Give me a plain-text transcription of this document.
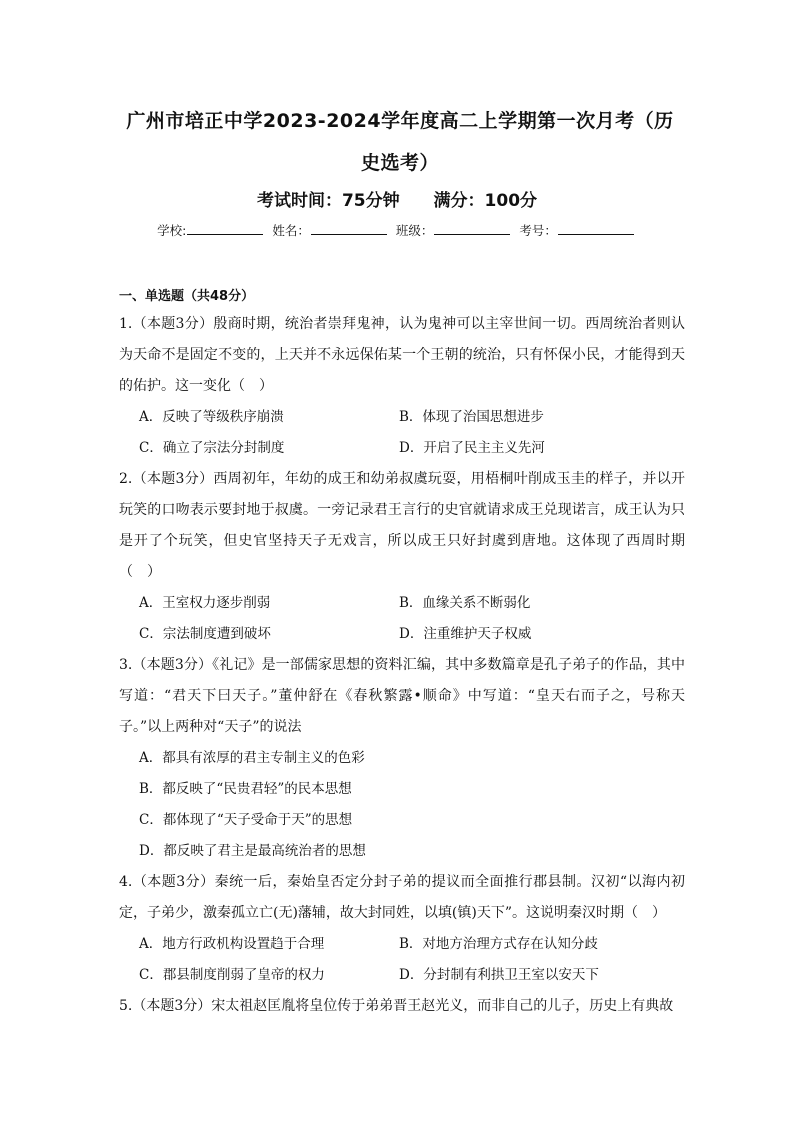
广州市培正中学2023-2024学年度高二上学期第一次月考（历
史选考）
考试时间：75分钟 满分：100分
学校:	姓名：	班级：	考号：
一、单选题（共48分）

1.（本题3分）殷商时期，统治者崇拜鬼神，认为鬼神可以主宰世间一切。西周统治者则认为天命不是固定不变的，上天并不永远保佑某一个王朝的统治，只有怀保小民，才能得到天的佑护。这一变化（　）

A．反映了等级秩序崩溃	B．体现了治国思想进步
C．确立了宗法分封制度	D．开启了民主主义先河

2.（本题3分）西周初年，年幼的成王和幼弟叔虞玩耍，用梧桐叶削成玉圭的样子，并以开玩笑的口吻表示要封地于叔虞。一旁记录君王言行的史官就请求成王兑现诺言，成王认为只是开了个玩笑，但史官坚持天子无戏言，所以成王只好封虞到唐地。这体现了西周时期（　）

A．王室权力逐步削弱	B．血缘关系不断弱化
C．宗法制度遭到破坏	D．注重维护天子权威

3.（本题3分）《礼记》是一部儒家思想的资料汇编，其中多数篇章是孔子弟子的作品，其中写道：“君天下曰天子。”董仲舒在《春秋繁露•顺命》中写道：“皇天右而子之，号称天子。”以上两种对“天子”的说法

A．都具有浓厚的君主专制主义的色彩
B．都反映了“民贵君轻”的民本思想
C．都体现了“天子受命于天”的思想
D．都反映了君主是最高统治者的思想

4.（本题3分）秦统一后，秦始皇否定分封子弟的提议而全面推行郡县制。汉初“以海内初定，子弟少，激秦孤立亡(无)藩辅，故大封同姓，以填(镇)天下”。这说明秦汉时期（　）

A．地方行政机构设置趋于合理	B．对地方治理方式存在认知分歧
C．郡县制度削弱了皇帝的权力	D．分封制有利拱卫王室以安天下

5.（本题3分）宋太祖赵匡胤将皇位传于弟弟晋王赵光义，而非自己的儿子，历史上有典故
